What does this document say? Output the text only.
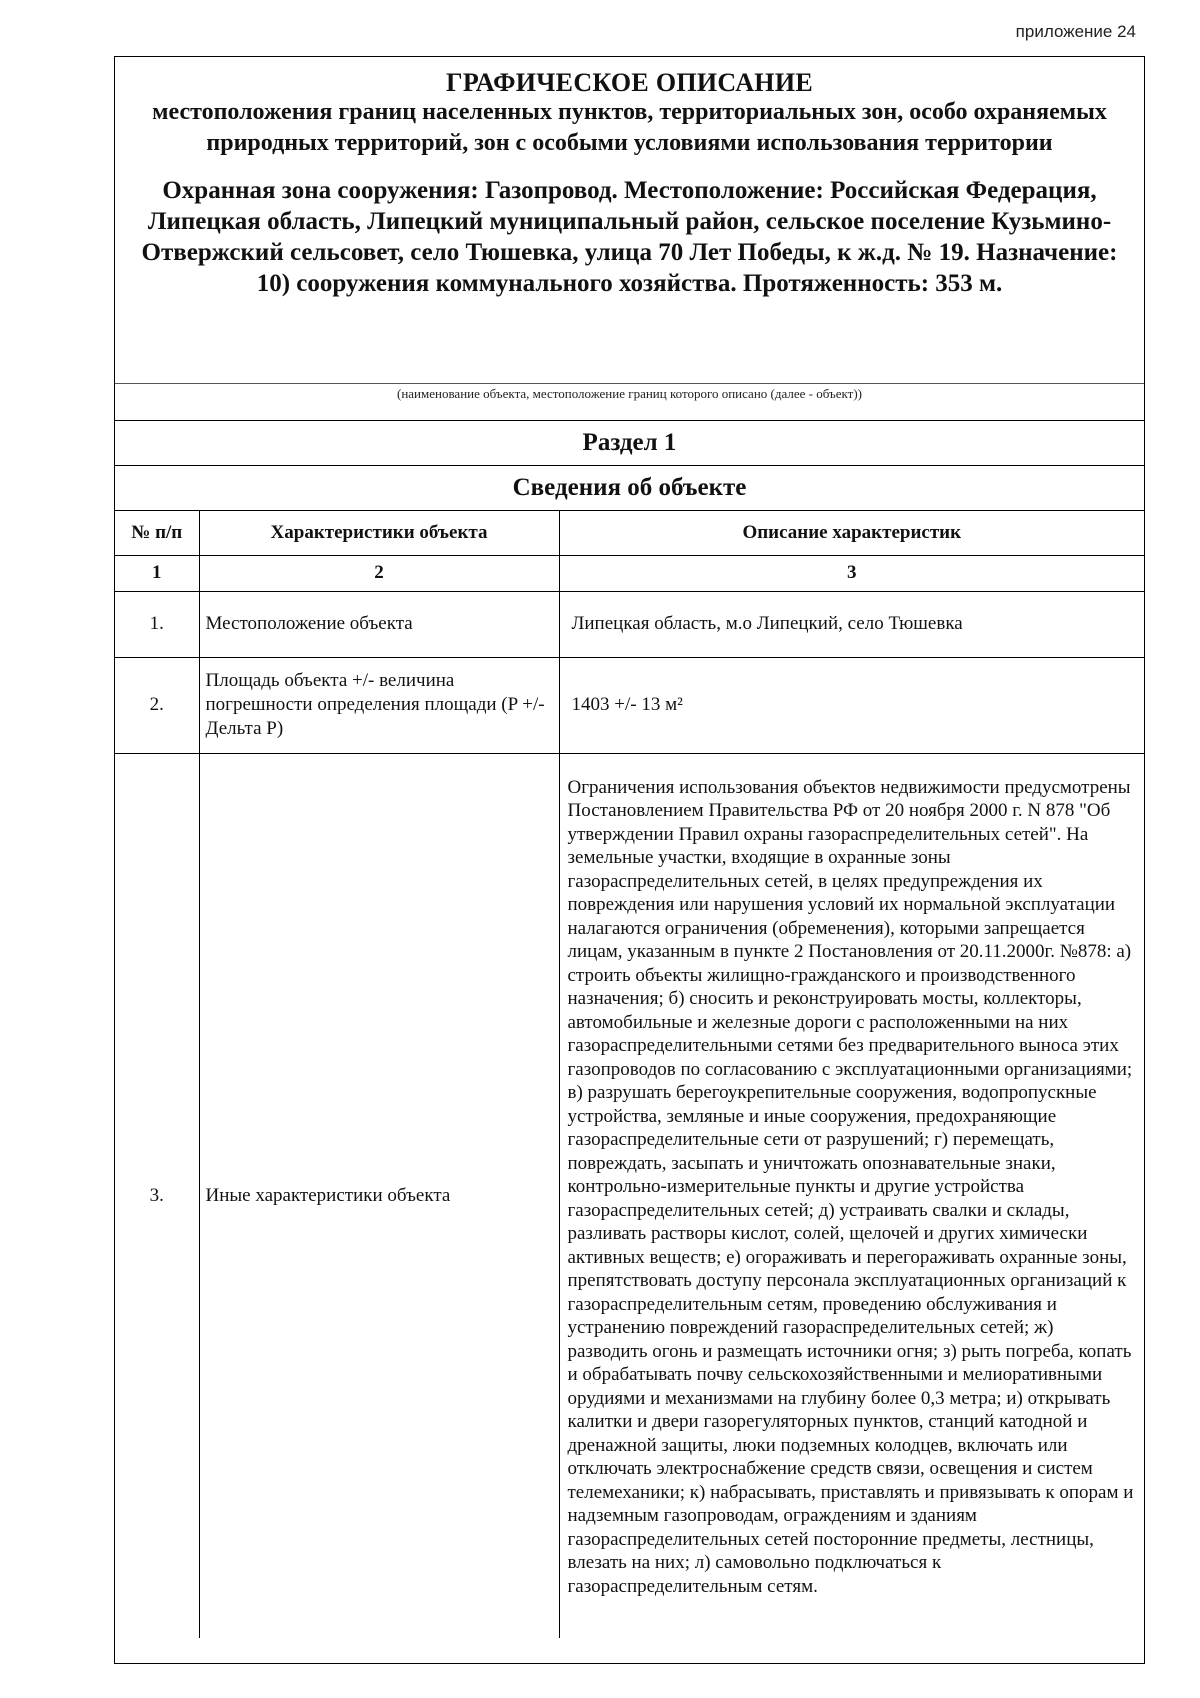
приложение 24
ГРАФИЧЕСКОЕ ОПИСАНИЕ
местоположения границ населенных пунктов, территориальных зон, особо охраняемых природных территорий, зон с особыми условиями использования территории
Охранная зона сооружения: Газопровод. Местоположение: Российская Федерация, Липецкая область, Липецкий муниципальный район, сельское поселение Кузьмино-Отвержский сельсовет, село Тюшевка, улица 70 Лет Победы, к ж.д. № 19. Назначение: 10) сооружения коммунального хозяйства. Протяженность: 353 м.
(наименование объекта, местоположение границ которого описано (далее - объект))
Раздел 1
Сведения об объекте
№ п/п	Характеристики объекта	Описание характеристик
1	2	3
1.	Местоположение объекта	Липецкая область, м.о Липецкий, село Тюшевка
2.	Площадь объекта +/- величина погрешности определения площади (P +/- Дельта P)	1403 +/- 13 м²
3.	Иные характеристики объекта	Ограничения использования объектов недвижимости предусмотрены Постановлением Правительства РФ от 20 ноября 2000 г. N 878 "Об утверждении Правил охраны газораспределительных сетей". На земельные участки, входящие в охранные зоны газораспределительных сетей, в целях предупреждения их повреждения или нарушения условий их нормальной эксплуатации налагаются ограничения (обременения), которыми запрещается лицам, указанным в пункте 2 Постановления от 20.11.2000г. №878: а) строить объекты жилищно-гражданского и производственного назначения; б) сносить и реконструировать мосты, коллекторы, автомобильные и железные дороги с расположенными на них газораспределительными сетями без предварительного выноса этих газопроводов по согласованию с эксплуатационными организациями; в) разрушать берегоукрепительные сооружения, водопропускные устройства, земляные и иные сооружения, предохраняющие газораспределительные сети от разрушений; г) перемещать, повреждать, засыпать и уничтожать опознавательные знаки, контрольно-измерительные пункты и другие устройства газораспределительных сетей; д) устраивать свалки и склады, разливать растворы кислот, солей, щелочей и других химически активных веществ; е) огораживать и перегораживать охранные зоны, препятствовать доступу персонала эксплуатационных организаций к газораспределительным сетям, проведению обслуживания и устранению повреждений газораспределительных сетей; ж) разводить огонь и размещать источники огня; з) рыть погреба, копать и обрабатывать почву сельскохозяйственными и мелиоративными орудиями и механизмами на глубину более 0,3 метра; и) открывать калитки и двери газорегуляторных пунктов, станций катодной и дренажной защиты, люки подземных колодцев, включать или отключать электроснабжение средств связи, освещения и систем телемеханики; к) набрасывать, приставлять и привязывать к опорам и надземным газопроводам, ограждениям и зданиям газораспределительных сетей посторонние предметы, лестницы, влезать на них; л) самовольно подключаться к газораспределительным сетям.
